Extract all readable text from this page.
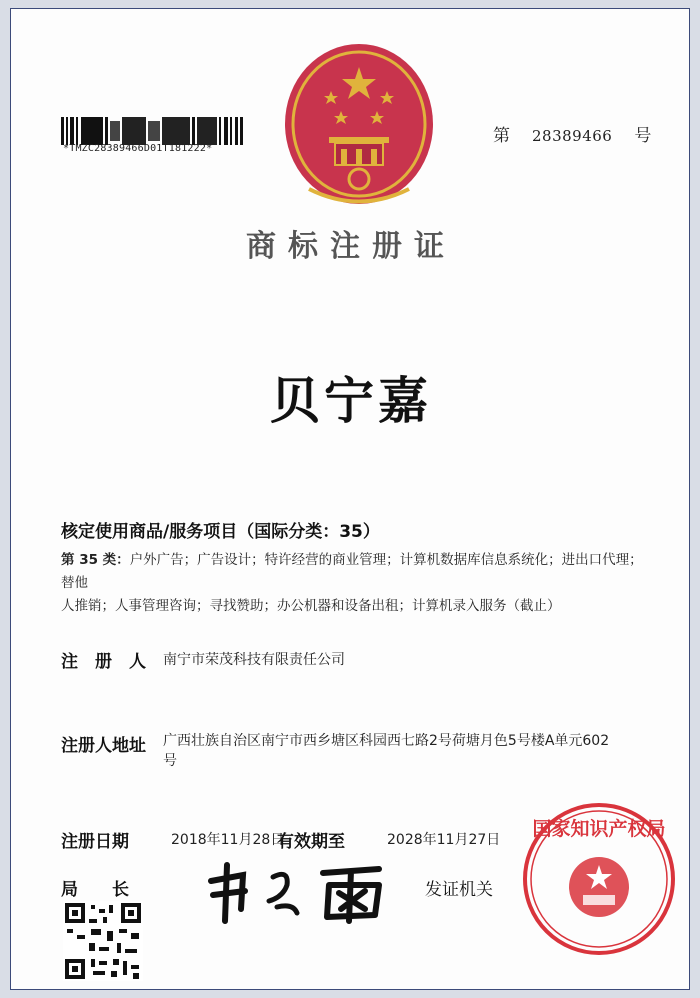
*TMZC28389466D01T181222*
第 28389466 号
商标注册证
贝宁嘉
核定使用商品/服务项目（国际分类：35）
第 35 类：户外广告；广告设计；特许经营的商业管理；计算机数据库信息系统化；进出口代理；替他
人推销；人事管理咨询；寻找赞助；办公机器和设备出租；计算机录入服务（截止）
注　册　人 南宁市荣茂科技有限责任公司
注册人地址 广西壮族自治区南宁市西乡塘区科园西七路2号荷塘月色5号楼A单元602
号
注册日期	2018年11月28日
有效期至	2028年11月27日
局　　长	发证机关
国家知识产权局
